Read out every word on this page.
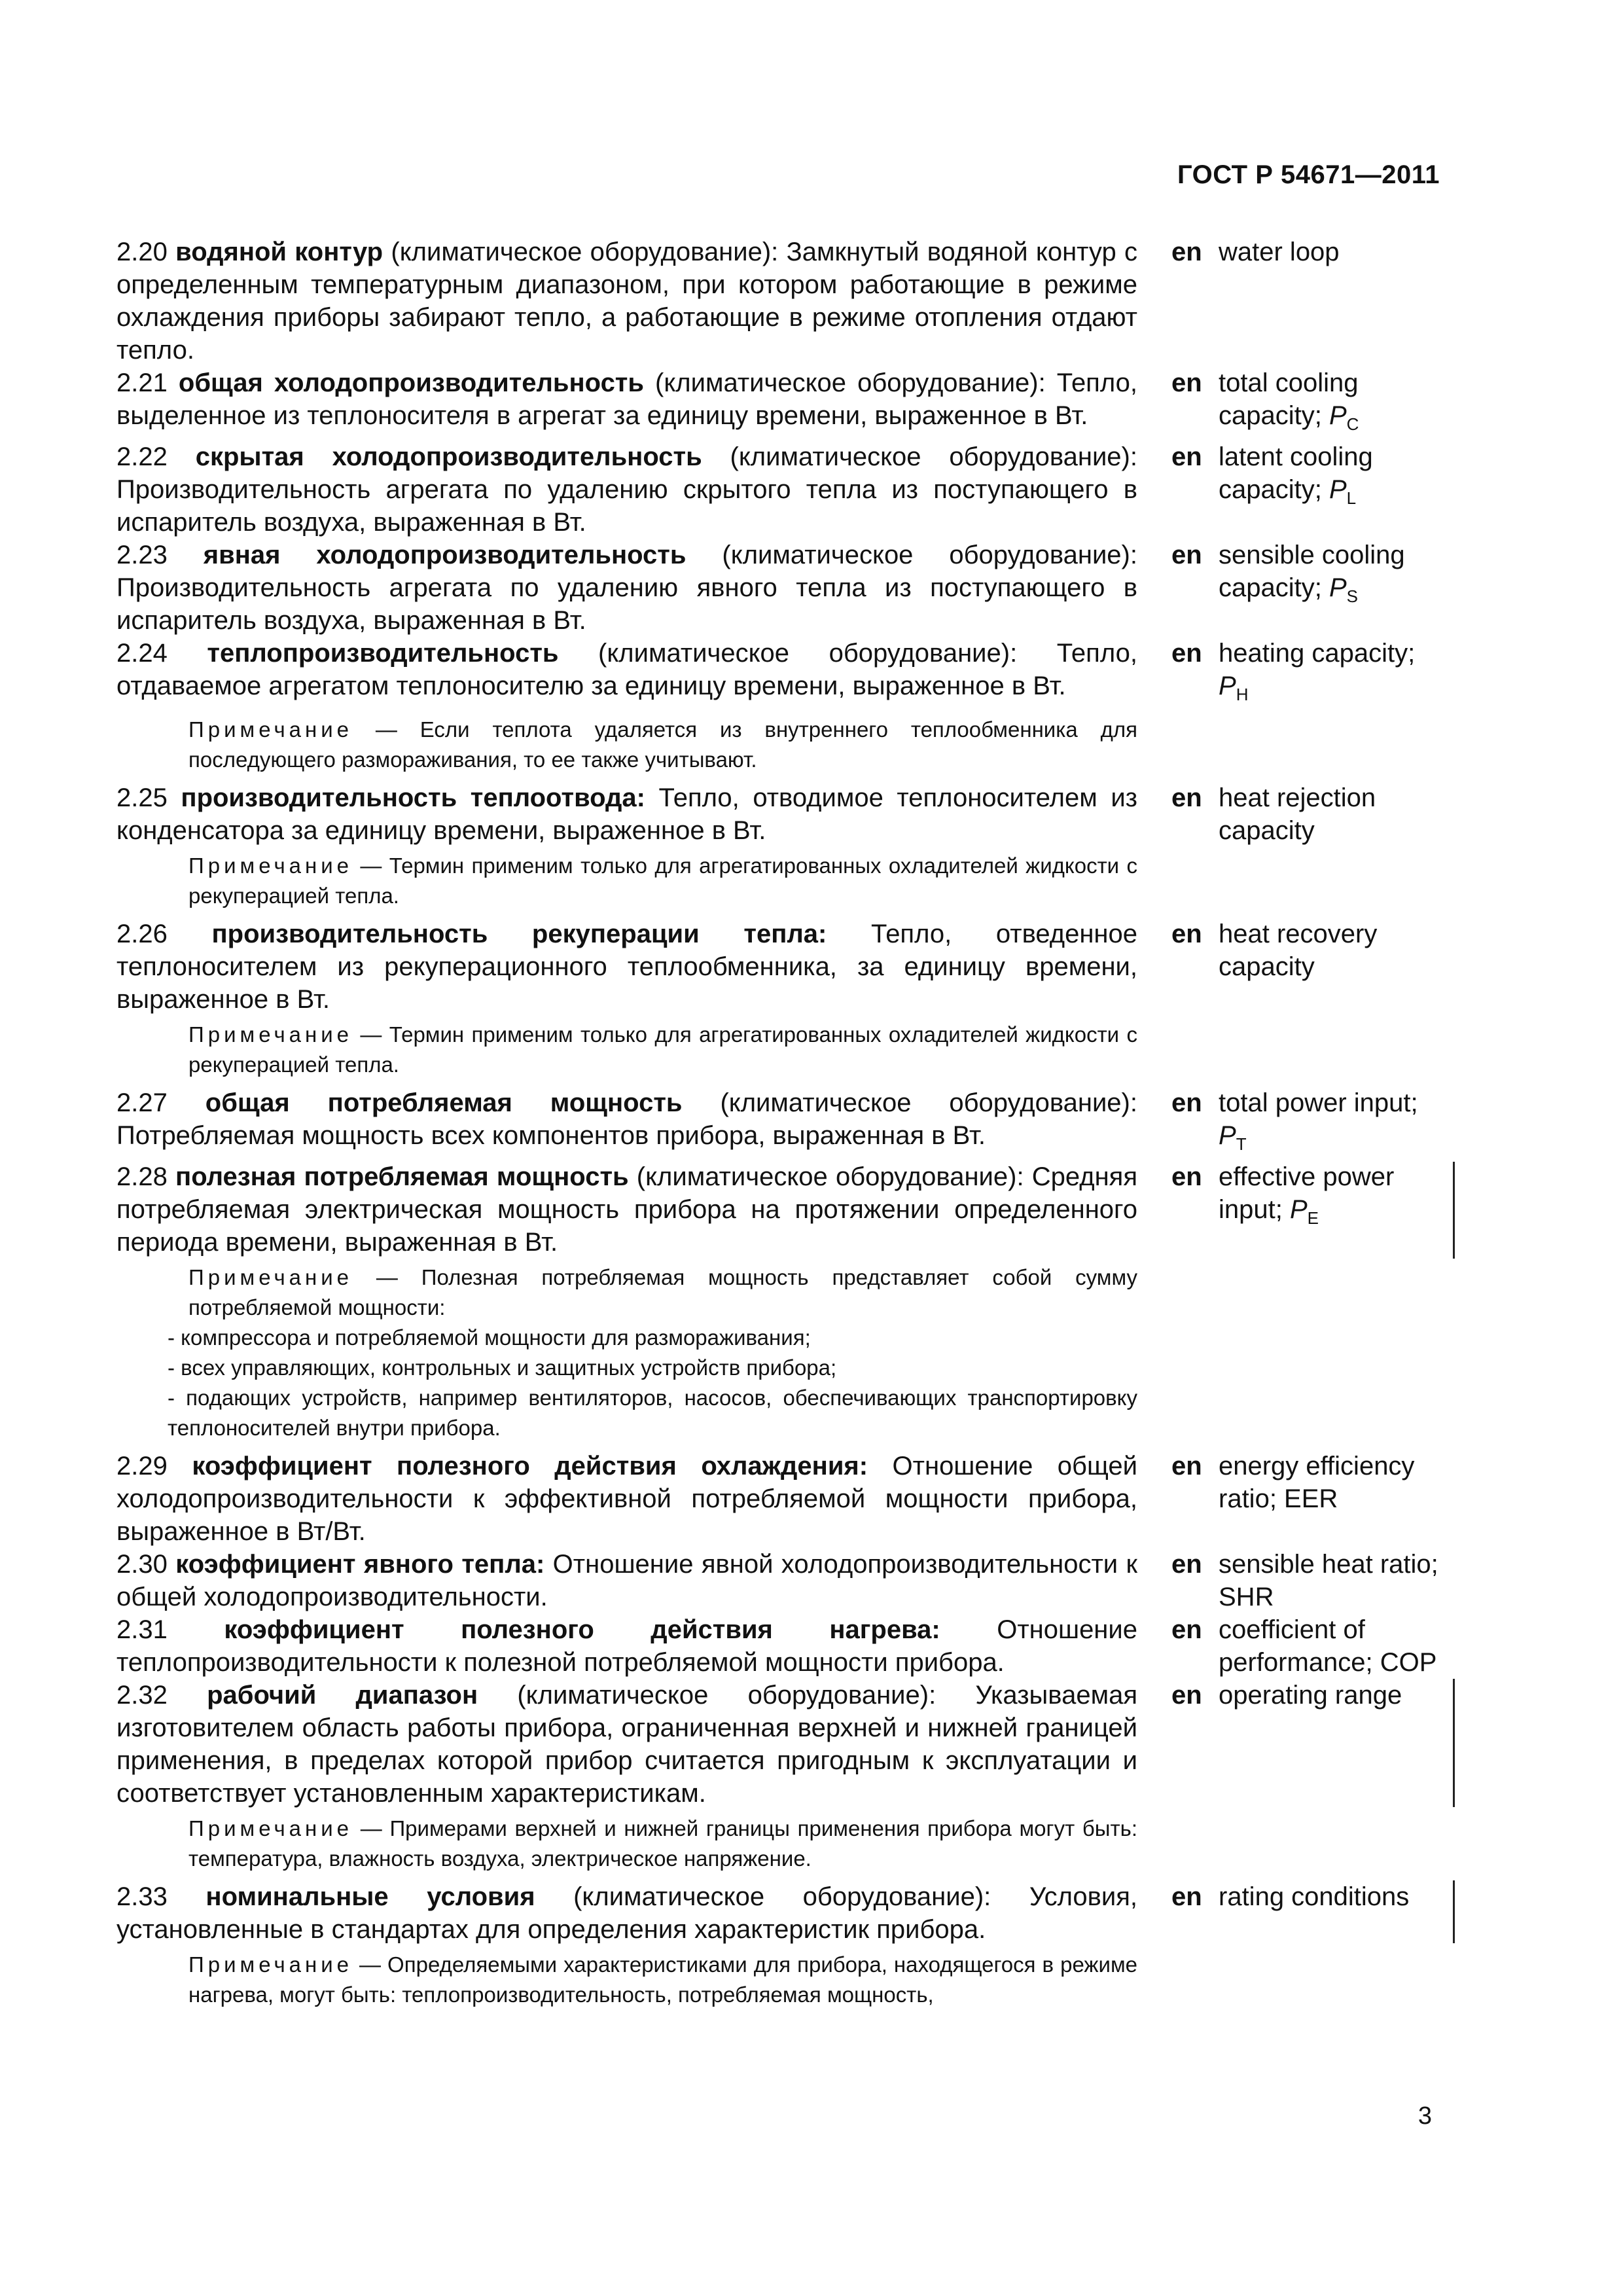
ГОСТ Р 54671—2011
2.20 водяной контур (климатическое оборудование): Замкнутый водяной контур с определенным температурным диапазоном, при котором работающие в режиме охлаждения приборы забирают тепло, а работающие в режиме отопления отдают тепло.
en water loop
2.21 общая холодопроизводительность (климатическое оборудование): Тепло, выделенное из теплоносителя в агрегат за единицу времени, выраженное в Вт.
en total cooling capacity; $P_C$
2.22 скрытая холодопроизводительность (климатическое оборудование): Производительность агрегата по удалению скрытого тепла из поступающего в испаритель воздуха, выраженная в Вт.
en latent cooling capacity; $P_L$
2.23 явная холодопроизводительность (климатическое оборудование): Производительность агрегата по удалению явного тепла из поступающего в испаритель воздуха, выраженная в Вт.
en sensible cooling capacity; $P_S$
2.24 теплопроизводительность (климатическое оборудование): Тепло, отдаваемое агрегатом теплоносителю за единицу времени, выраженное в Вт.
en heating capacity; $P_H$
Примечание — Если теплота удаляется из внутреннего теплообменника для последующего размораживания, то ее также учитывают.
2.25 производительность теплоотвода: Тепло, отводимое теплоносителем из конденсатора за единицу времени, выраженное в Вт.
en heat rejection capacity
Примечание — Термин применим только для агрегатированных охладителей жидкости с рекуперацией тепла.
2.26 производительность рекуперации тепла: Тепло, отведенное теплоносителем из рекуперационного теплообменника, за единицу времени, выраженное в Вт.
en heat recovery capacity
Примечание — Термин применим только для агрегатированных охладителей жидкости с рекуперацией тепла.
2.27 общая потребляемая мощность (климатическое оборудование): Потребляемая мощность всех компонентов прибора, выраженная в Вт.
en total power input; $P_T$
2.28 полезная потребляемая мощность (климатическое оборудование): Средняя потребляемая электрическая мощность прибора на протяжении определенного периода времени, выраженная в Вт.
en effective power input; $P_E$
Примечание — Полезная потребляемая мощность представляет собой сумму потребляемой мощности:
- компрессора и потребляемой мощности для размораживания;
- всех управляющих, контрольных и защитных устройств прибора;
- подающих устройств, например вентиляторов, насосов, обеспечивающих транспортировку теплоносителей внутри прибора.
2.29 коэффициент полезного действия охлаждения: Отношение общей холодопроизводительности к эффективной потребляемой мощности прибора, выраженное в Вт/Вт.
en energy efficiency ratio; EER
2.30 коэффициент явного тепла: Отношение явной холодопроизводительности к общей холодопроизводительности.
en sensible heat ratio; SHR
2.31 коэффициент полезного действия нагрева: Отношение теплопроизводительности к полезной потребляемой мощности прибора.
en coefficient of performance; COP
2.32 рабочий диапазон (климатическое оборудование): Указываемая изготовителем область работы прибора, ограниченная верхней и нижней границей применения, в пределах которой прибор считается пригодным к эксплуатации и соответствует установленным характеристикам.
en operating range
Примечание — Примерами верхней и нижней границы применения прибора могут быть: температура, влажность воздуха, электрическое напряжение.
2.33 номинальные условия (климатическое оборудование): Условия, установленные в стандартах для определения характеристик прибора.
en rating conditions
Примечание — Определяемыми характеристиками для прибора, находящегося в режиме нагрева, могут быть: теплопроизводительность, потребляемая мощность,
3
